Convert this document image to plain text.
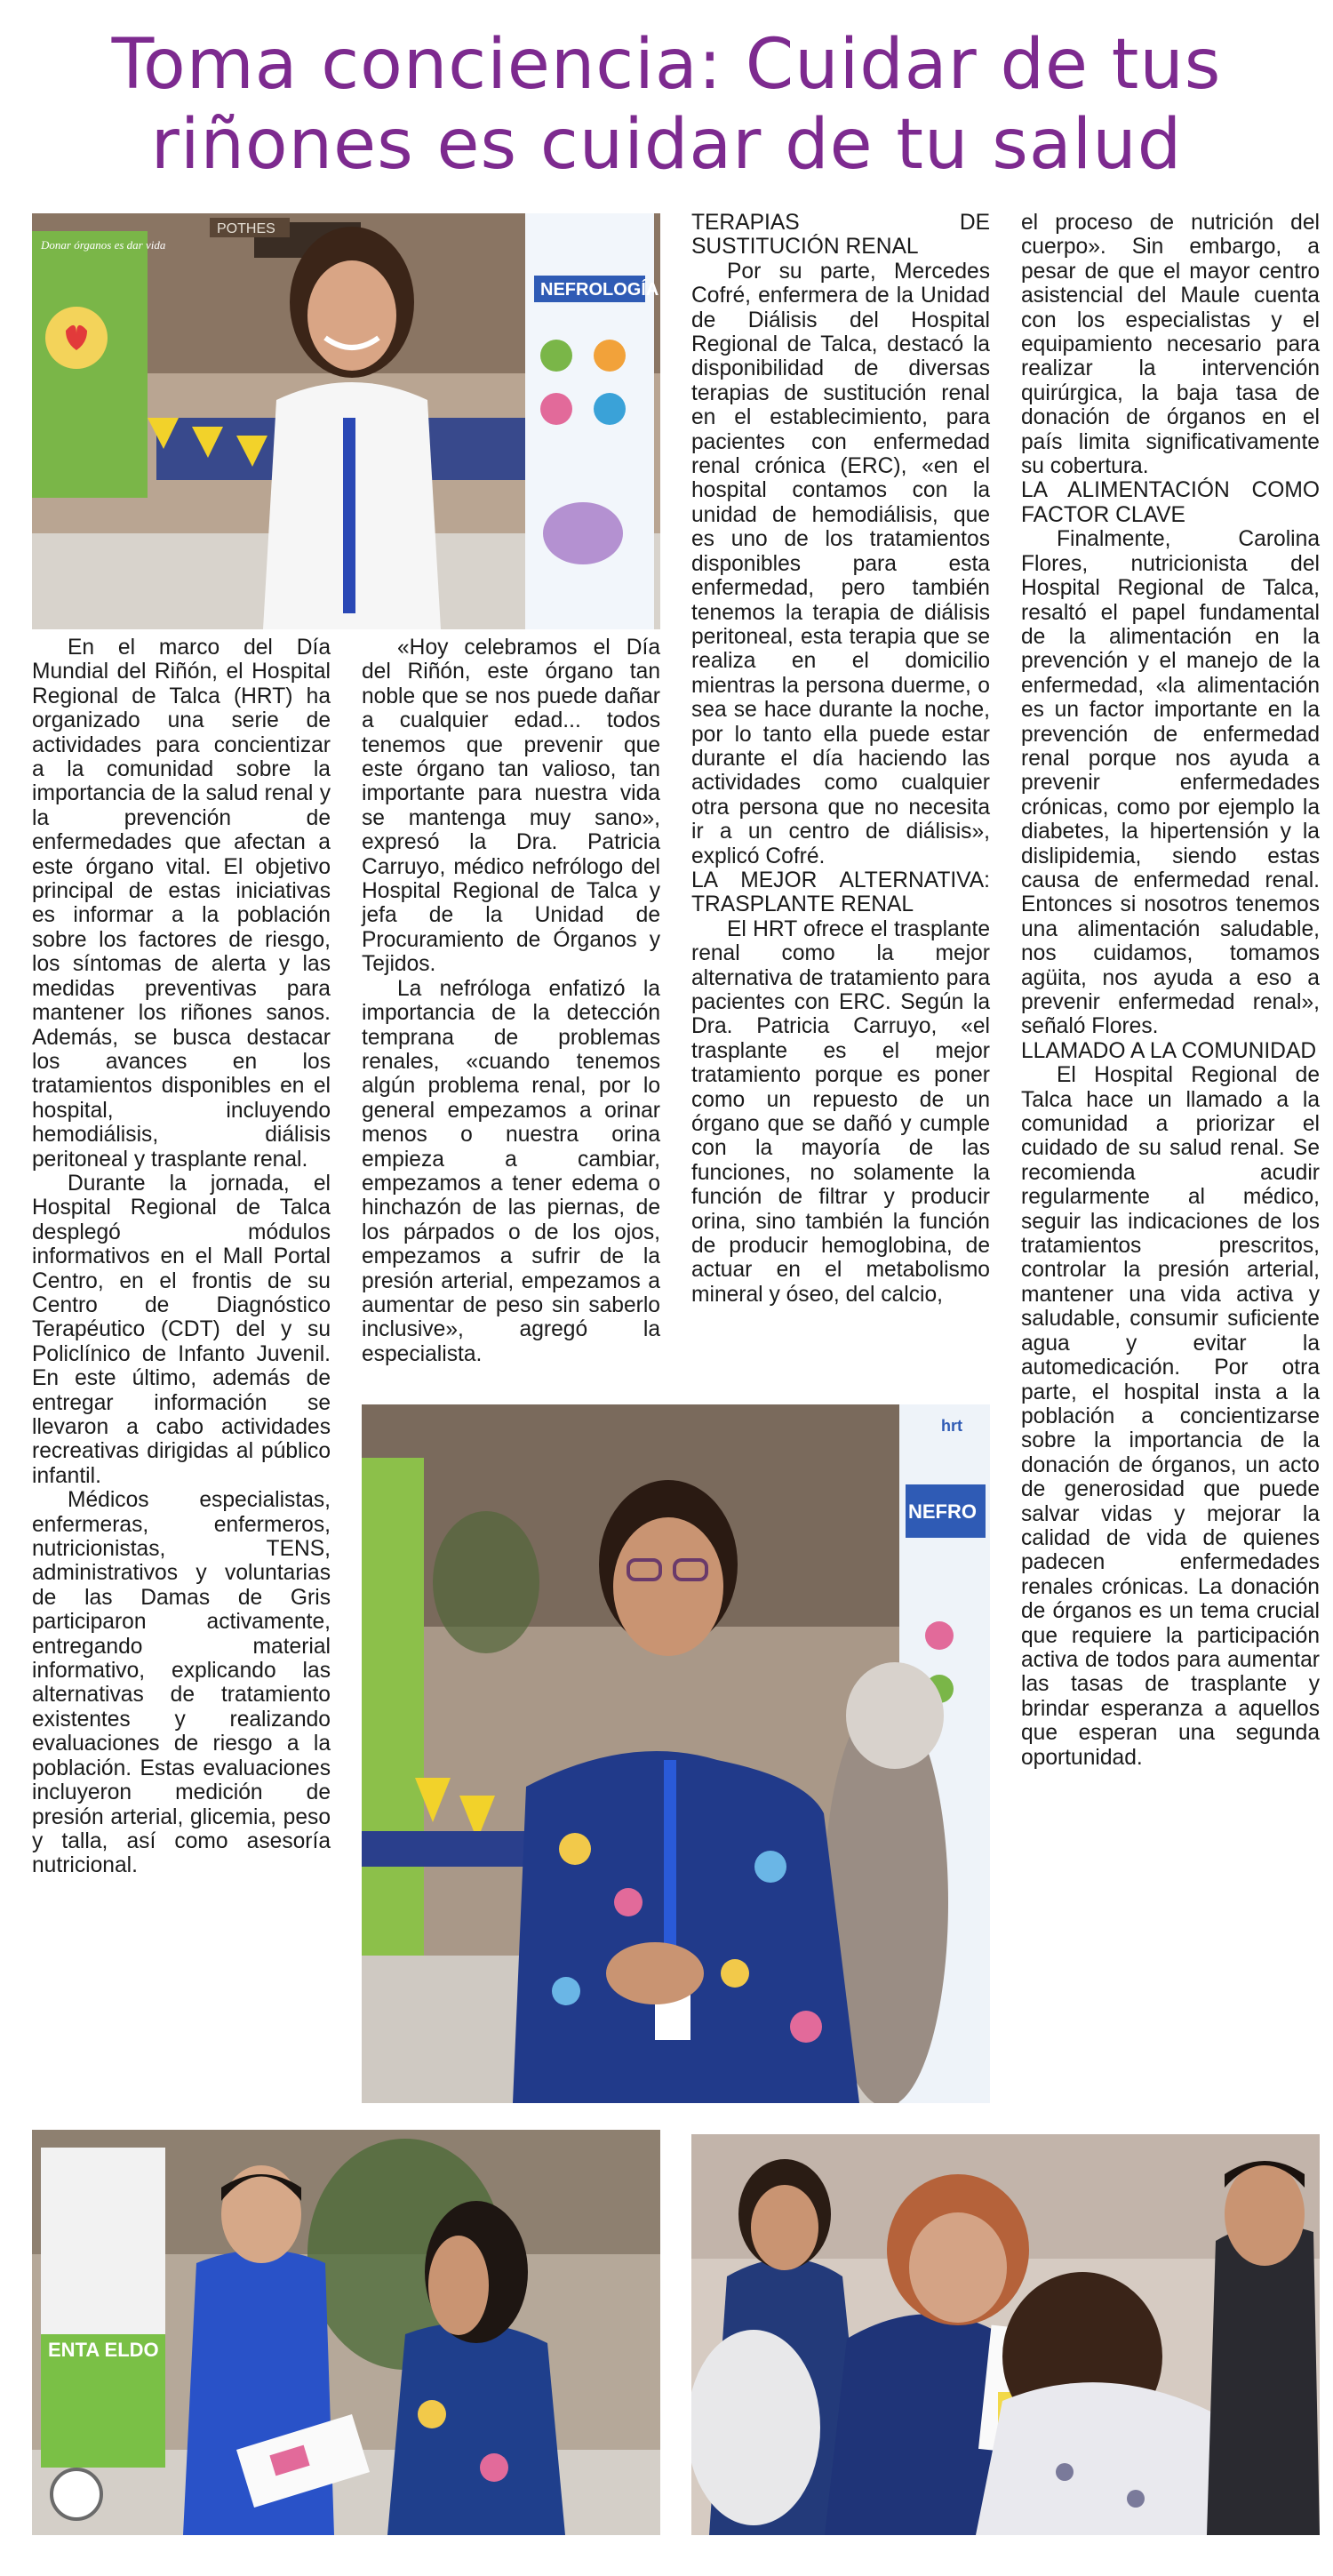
Toma conciencia: Cuidar de tus
riñones es cuidar de tu salud
POTHES
Donar órganos es dar vida
NEFROLOGÍA

En el marco del Día Mundial del Riñón, el Hospital Regional de Talca (HRT) ha organizado una serie de actividades para concientizar a la comunidad sobre la importancia de la salud renal y la prevención de enfermedades que afectan a este órgano vital. El objetivo principal de estas iniciativas es informar a la población sobre los factores de riesgo, los síntomas de alerta y las medidas preventivas para mantener los riñones sanos. Además, se busca destacar los avances en los tratamientos disponibles en el hospital, incluyendo hemodiálisis, diálisis peritoneal y trasplante renal.

Durante la jornada, el Hospital Regional de Talca desplegó módulos informativos en el Mall Portal Centro, en el frontis de su Centro de Diagnóstico Terapéutico (CDT) del y su Policlínico de Infanto Juvenil. En este último, además de entregar información se llevaron a cabo actividades recreativas dirigidas al público infantil.

Médicos especialistas, enfermeras, enfermeros, nutricionistas, TENS, administrativos y voluntarias de las Damas de Gris participaron activamente, entregando material informativo, explicando las alternativas de tratamiento existentes y realizando evaluaciones de riesgo a la población. Estas evaluaciones incluyeron medición de presión arterial, glicemia, peso y talla, así como asesoría nutricional.

«Hoy celebramos el Día del Riñón, este órgano tan noble que se nos puede dañar a cualquier edad... todos tenemos que prevenir que este órgano tan valioso, tan importante para nuestra vida se mantenga muy sano», expresó la Dra. Patricia Carruyo, médico nefrólogo del Hospital Regional de Talca y jefa de la Unidad de Procuramiento de Órganos y Tejidos.

La nefróloga enfatizó la importancia de la detección temprana de problemas renales, «cuando tenemos algún problema renal, por lo general empezamos a orinar menos o nuestra orina empieza a cambiar, empezamos a tener edema o hinchazón de las piernas, de los párpados o de los ojos, empezamos a sufrir de la presión arterial, empezamos a aumentar de peso sin saberlo inclusive», agregó la especialista.

TERAPIAS DE SUSTITUCIÓN RENAL

Por su parte, Mercedes Cofré, enfermera de la Unidad de Diálisis del Hospital Regional de Talca, destacó la disponibilidad de diversas terapias de sustitución renal en el establecimiento, para pacientes con enfermedad renal crónica (ERC), «en el hospital contamos con la unidad de hemodiálisis, que es uno de los tratamientos disponibles para esta enfermedad, pero también tenemos la terapia de diálisis peritoneal, esta terapia que se realiza en el domicilio mientras la persona duerme, o sea se hace durante la noche, por lo tanto ella puede estar durante el día haciendo las actividades como cualquier otra persona que no necesita ir a un centro de diálisis», explicó Cofré.

LA MEJOR ALTERNATIVA: TRASPLANTE RENAL

El HRT ofrece el trasplante renal como la mejor alternativa de tratamiento para pacientes con ERC. Según la Dra. Patricia Carruyo, «el trasplante es el mejor tratamiento porque es poner como un repuesto de un órgano que se dañó y cumple con la mayoría de las funciones, no solamente la función de filtrar y producir orina, sino también la función de producir hemoglobina, de actuar en el metabolismo mineral y óseo, del calcio,

el proceso de nutrición del cuerpo». Sin embargo, a pesar de que el mayor centro asistencial del Maule cuenta con los especialistas y el equipamiento necesario para realizar la intervención quirúrgica, la baja tasa de donación de órganos en el país limita significativamente su cobertura.

LA ALIMENTACIÓN COMO FACTOR CLAVE

Finalmente, Carolina Flores, nutricionista del Hospital Regional de Talca, resaltó el papel fundamental de la alimentación en la prevención y el manejo de la enfermedad, «la alimentación es un factor importante en la prevención de enfermedad renal porque nos ayuda a prevenir enfermedades crónicas, como por ejemplo la diabetes, la hipertensión y la dislipidemia, siendo estas causa de enfermedad renal. Entonces si nosotros tenemos una alimentación saludable, nos cuidamos, tomamos agüita, nos ayuda a eso a prevenir enfermedad renal», señaló Flores.

LLAMADO A LA COMUNIDAD

El Hospital Regional de Talca hace un llamado a la comunidad a priorizar el cuidado de su salud renal. Se recomienda acudir regularmente al médico, seguir las indicaciones de los tratamientos prescritos, controlar la presión arterial, mantener una vida activa y saludable, consumir suficiente agua y evitar la automedicación. Por otra parte, el hospital insta a la población a concientizarse sobre la importancia de la donación de órganos, un acto de generosidad que puede salvar vidas y mejorar la calidad de vida de quienes padecen enfermedades renales crónicas. La donación de órganos es un tema crucial que requiere la participación activa de todos para aumentar las tasas de trasplante y brindar esperanza a aquellos que esperan una segunda oportunidad.

NEFRO
hrt
ENTA ELDO
